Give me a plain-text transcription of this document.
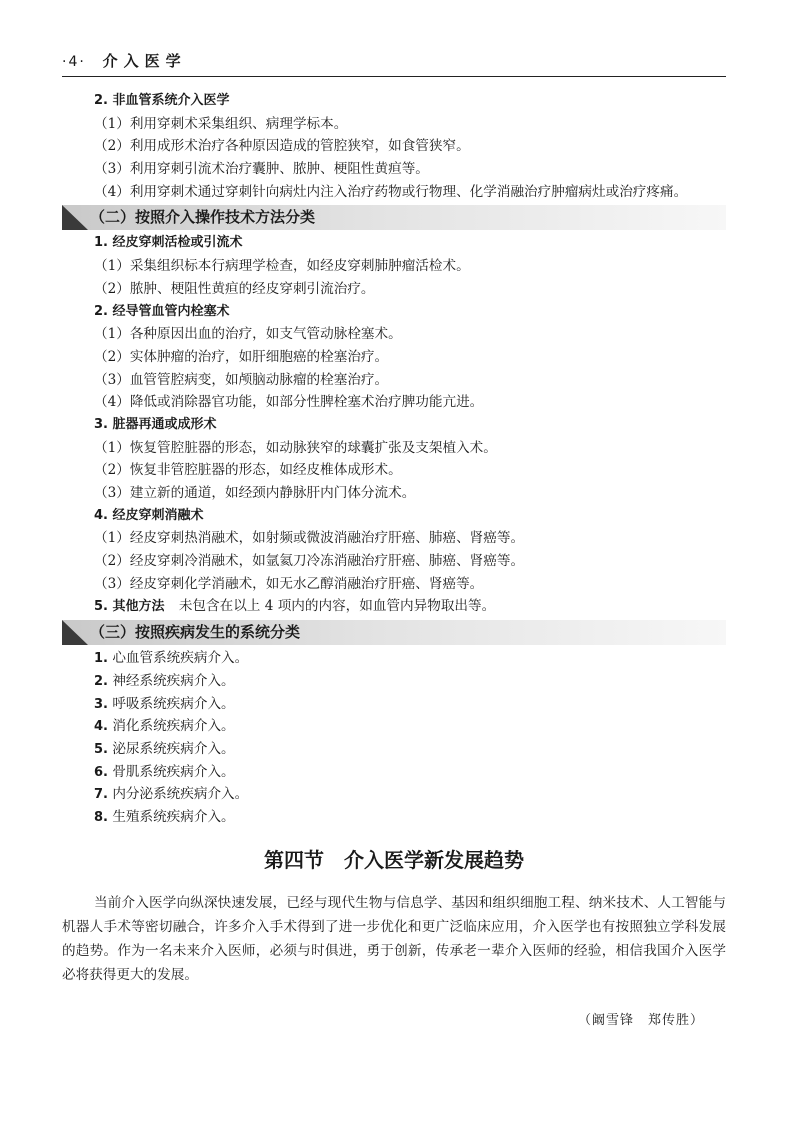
·4· 介入医学
2. 非血管系统介入医学
（1）利用穿刺术采集组织、病理学标本。
（2）利用成形术治疗各种原因造成的管腔狭窄，如食管狭窄。
（3）利用穿刺引流术治疗囊肿、脓肿、梗阻性黄疸等。
（4）利用穿刺术通过穿刺针向病灶内注入治疗药物或行物理、化学消融治疗肿瘤病灶或治疗疼痛。
（二）按照介入操作技术方法分类
1. 经皮穿刺活检或引流术
（1）采集组织标本行病理学检查，如经皮穿刺肺肿瘤活检术。
（2）脓肿、梗阻性黄疸的经皮穿刺引流治疗。
2. 经导管血管内栓塞术
（1）各种原因出血的治疗，如支气管动脉栓塞术。
（2）实体肿瘤的治疗，如肝细胞癌的栓塞治疗。
（3）血管管腔病变，如颅脑动脉瘤的栓塞治疗。
（4）降低或消除器官功能，如部分性脾栓塞术治疗脾功能亢进。
3. 脏器再通或成形术
（1）恢复管腔脏器的形态，如动脉狭窄的球囊扩张及支架植入术。
（2）恢复非管腔脏器的形态，如经皮椎体成形术。
（3）建立新的通道，如经颈内静脉肝内门体分流术。
4. 经皮穿刺消融术
（1）经皮穿刺热消融术，如射频或微波消融治疗肝癌、肺癌、肾癌等。
（2）经皮穿刺冷消融术，如氩氦刀冷冻消融治疗肝癌、肺癌、肾癌等。
（3）经皮穿刺化学消融术，如无水乙醇消融治疗肝癌、肾癌等。
5. 其他方法 未包含在以上 4 项内的内容，如血管内异物取出等。
（三）按照疾病发生的系统分类
1. 心血管系统疾病介入。
2. 神经系统疾病介入。
3. 呼吸系统疾病介入。
4. 消化系统疾病介入。
5. 泌尿系统疾病介入。
6. 骨肌系统疾病介入。
7. 内分泌系统疾病介入。
8. 生殖系统疾病介入。
第四节　介入医学新发展趋势

当前介入医学向纵深快速发展，已经与现代生物与信息学、基因和组织细胞工程、纳米技术、人工智能与机器人手术等密切融合，许多介入手术得到了进一步优化和更广泛临床应用，介入医学也有按照独立学科发展的趋势。作为一名未来介入医师，必须与时俱进，勇于创新，传承老一辈介入医师的经验，相信我国介入医学必将获得更大的发展。

（阚雪锋　郑传胜）
